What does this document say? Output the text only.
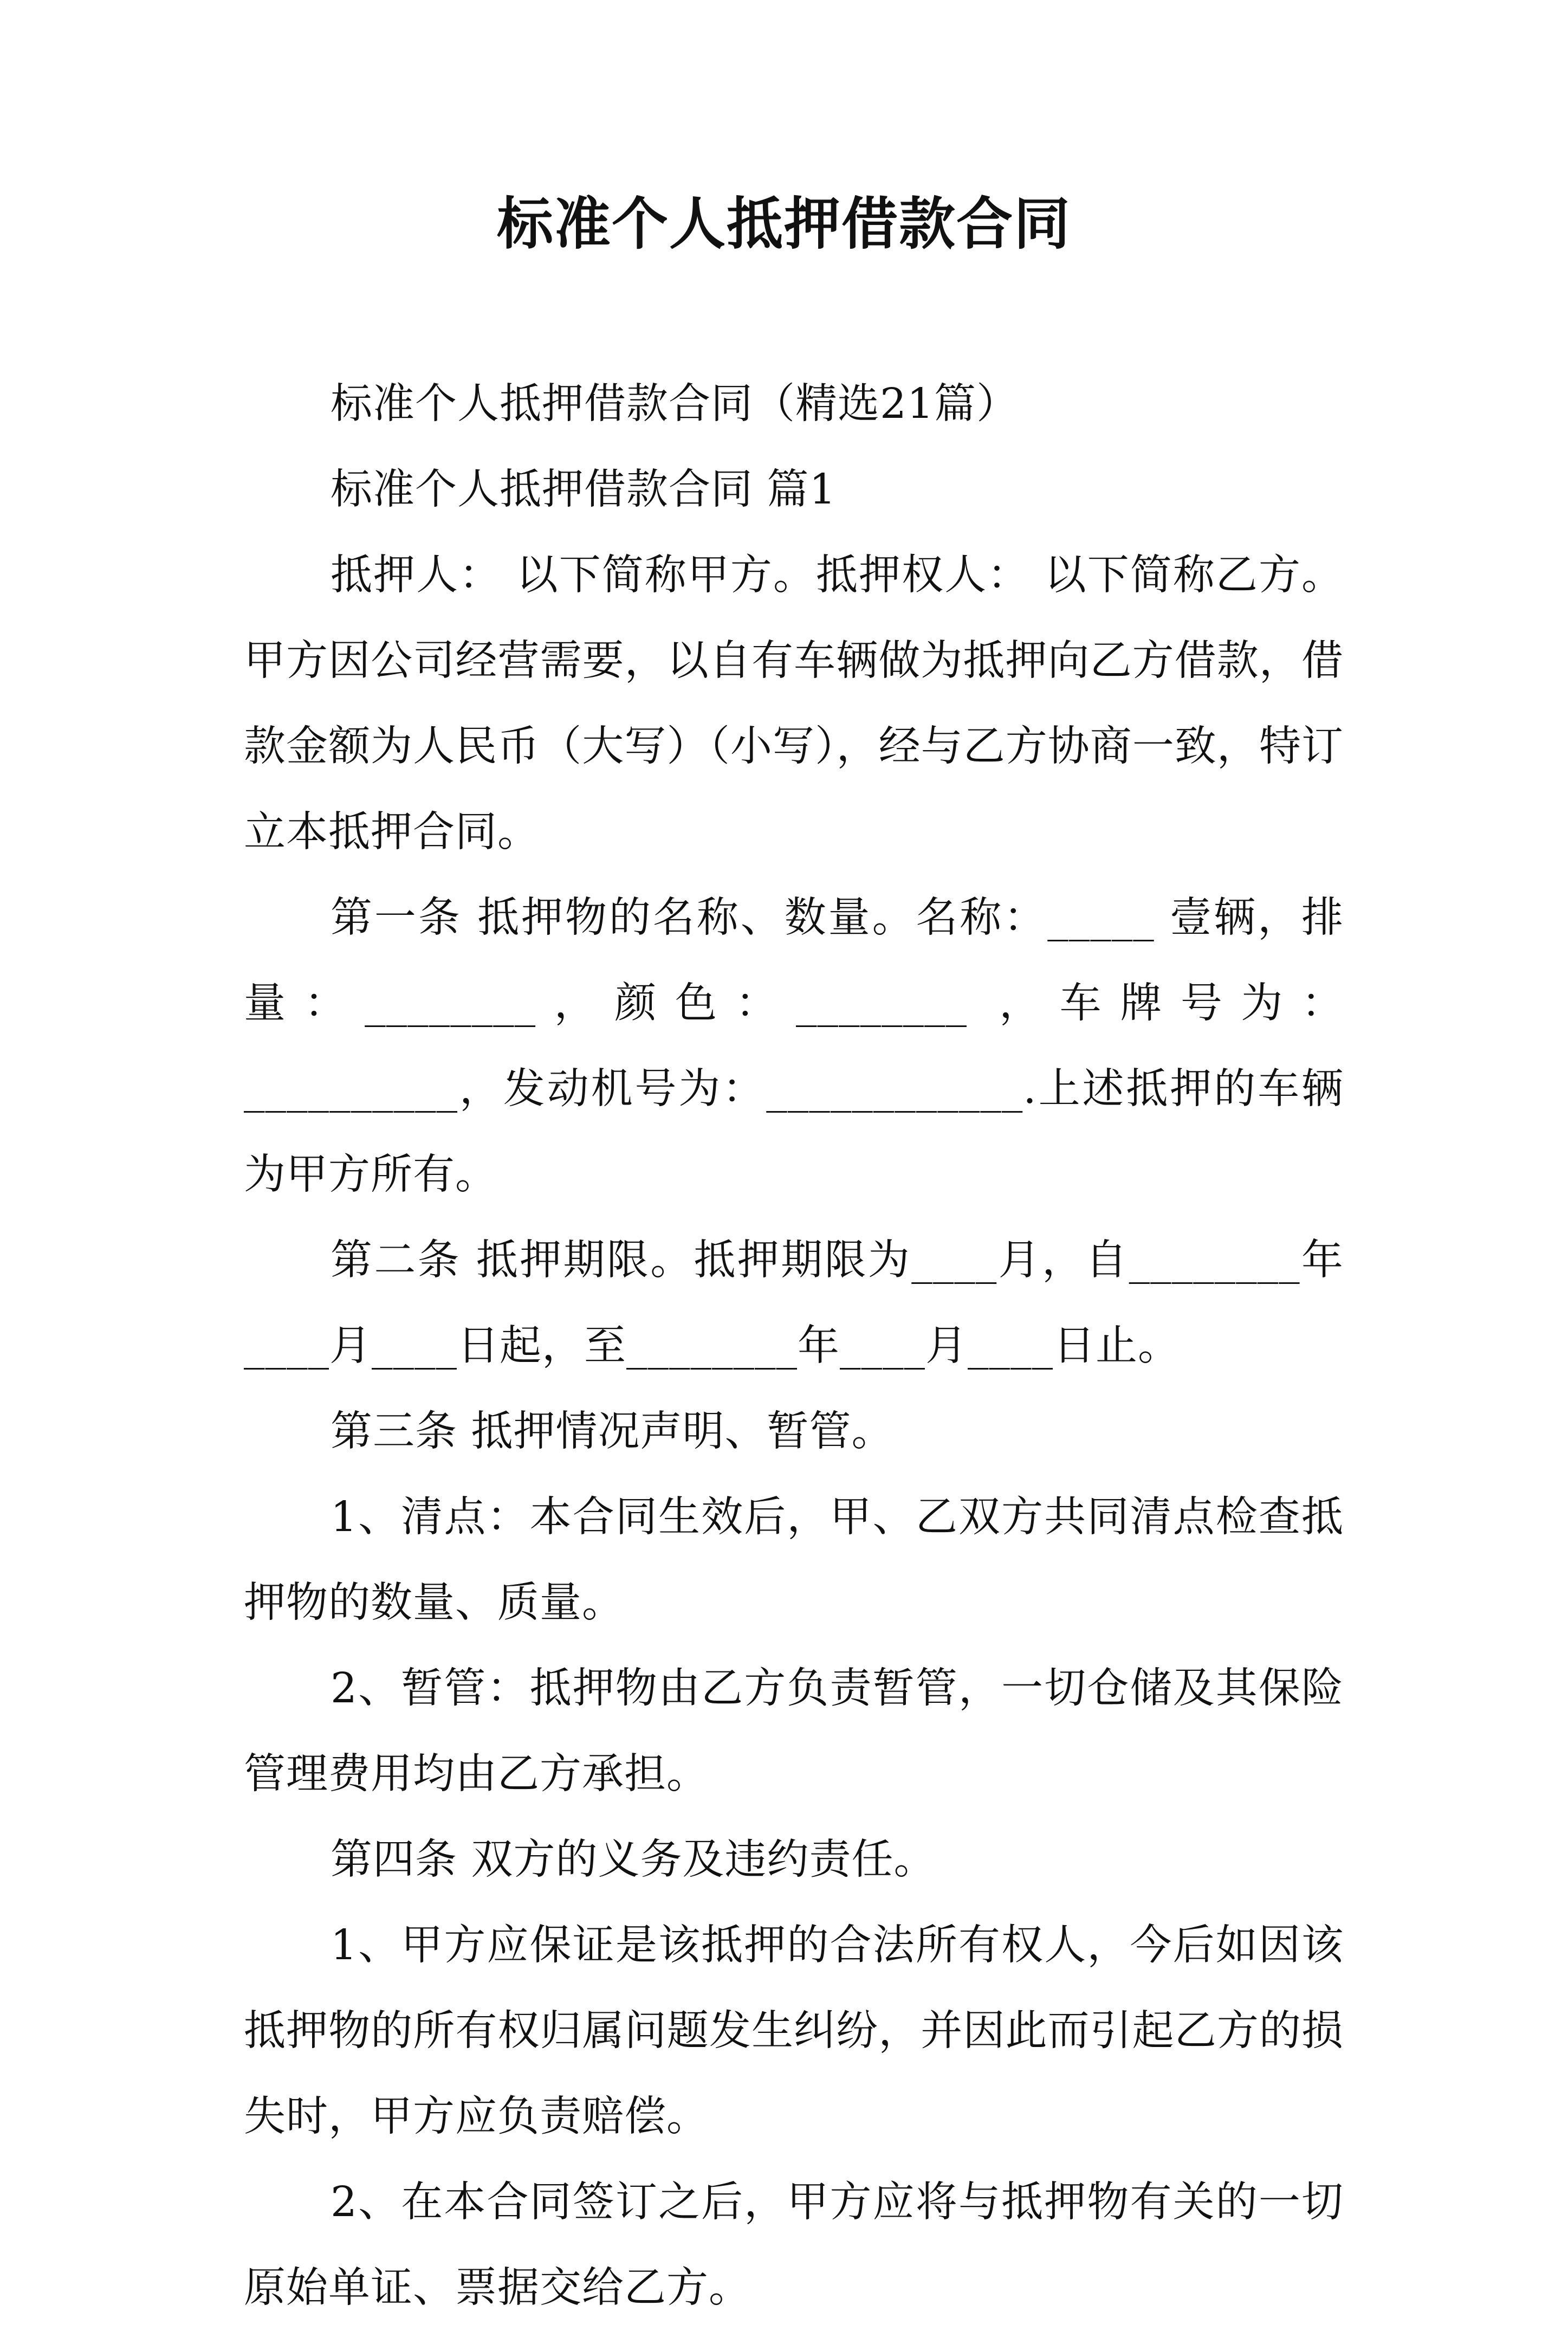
标准个人抵押借款合同

标准个人抵押借款合同（精选21篇）

标准个人抵押借款合同 篇1

抵押人： 以下简称甲方。抵押权人： 以下简称乙方。甲方因公司经营需要，以自有车辆做为抵押向乙方借款，借款金额为人民币（大写）（小写），经与乙方协商一致，特订立本抵押合同。

第一条 抵押物的名称、数量。名称：_____ 壹辆，排量：________，颜色：________ ，车牌号为：__________，发动机号为：____________.上述抵押的车辆为甲方所有。

第二条 抵押期限。抵押期限为____月，自________年____月____日起，至________年____月____日止。

第三条 抵押情况声明、暂管。

1、清点：本合同生效后，甲、乙双方共同清点检查抵押物的数量、质量。

2、暂管：抵押物由乙方负责暂管，一切仓储及其保险管理费用均由乙方承担。

第四条 双方的义务及违约责任。

1、甲方应保证是该抵押的合法所有权人，今后如因该抵押物的所有权归属问题发生纠纷，并因此而引起乙方的损失时，甲方应负责赔偿。

2、在本合同签订之后，甲方应将与抵押物有关的一切原始单证、票据交给乙方。
